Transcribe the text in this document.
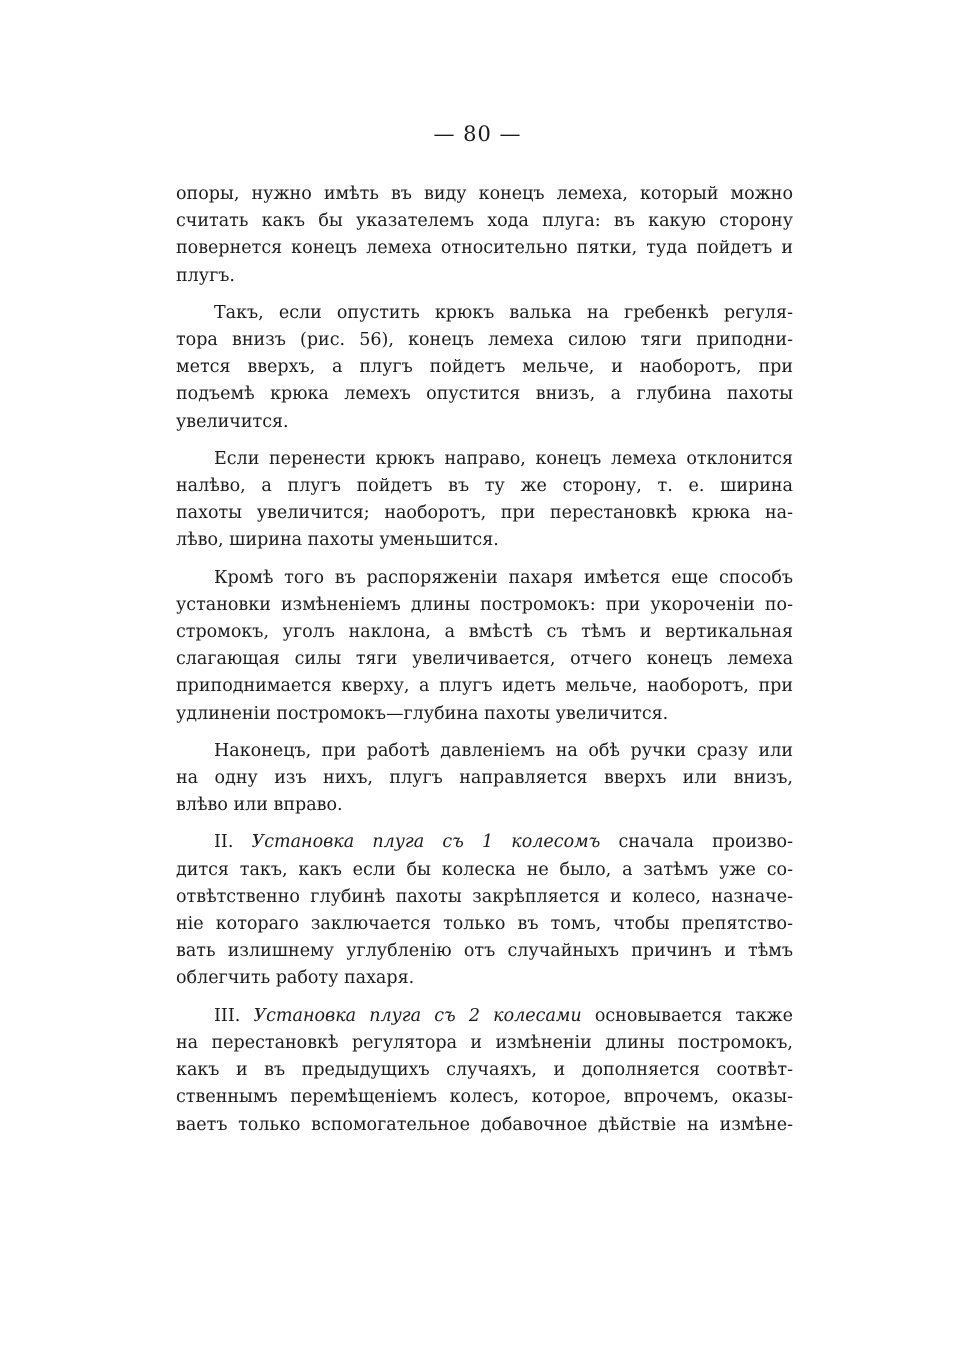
— 80 —
опоры, нужно имѣть въ виду конецъ лемеха, который можно
считать какъ бы указателемъ хода плуга: въ какую сторону
повернется конецъ лемеха относительно пятки, туда пойдетъ и
плугъ.
Такъ, если опустить крюкъ валька на гребенкѣ регуля-
тора внизъ (рис. 56), конецъ лемеха силою тяги приподни-
мется вверхъ, а плугъ пойдетъ мельче, и наоборотъ, при
подъемѣ крюка лемехъ опустится внизъ, а глубина пахоты
увеличится.
Если перенести крюкъ направо, конецъ лемеха отклонится
налѣво, а плугъ пойдетъ въ ту же сторону, т. е. ширина
пахоты увеличится; наоборотъ, при перестановкѣ крюка на-
лѣво, ширина пахоты уменьшится.
Кромѣ того въ распоряженіи пахаря имѣется еще способъ
установки измѣненіемъ длины постромокъ: при укороченіи по-
стромокъ, уголъ наклона, а вмѣстѣ съ тѣмъ и вертикальная
слагающая силы тяги увеличивается, отчего конецъ лемеха
приподнимается кверху, а плугъ идетъ мельче, наоборотъ, при
удлиненіи постромокъ—глубина пахоты увеличится.
Наконецъ, при работѣ давленіемъ на обѣ ручки сразу или
на одну изъ нихъ, плугъ направляется вверхъ или внизъ,
влѣво или вправо.
II. Установка плуга съ 1 колесомъ сначала произво-
дится такъ, какъ если бы колеска не было, а затѣмъ уже со-
отвѣтственно глубинѣ пахоты закрѣпляется и колесо, назначе-
ніе котораго заключается только въ томъ, чтобы препятство-
вать излишнему углубленію отъ случайныхъ причинъ и тѣмъ
облегчить работу пахаря.
III. Установка плуга съ 2 колесами основывается также
на перестановкѣ регулятора и измѣненіи длины постромокъ,
какъ и въ предыдущихъ случаяхъ, и дополняется соотвѣт-
ственнымъ перемѣщеніемъ колесъ, которое, впрочемъ, оказы-
ваетъ только вспомогательное добавочное дѣйствіе на измѣне-
